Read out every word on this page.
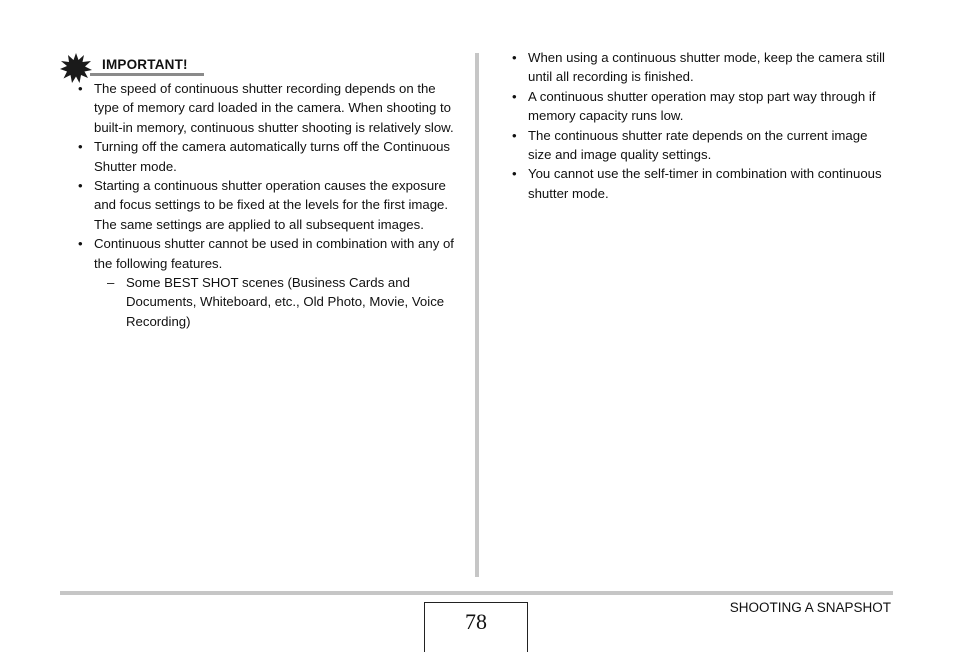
IMPORTANT!
• The speed of continuous shutter recording depends on the type of memory card loaded in the camera. When shooting to built-in memory, continuous shutter shooting is relatively slow.
• Turning off the camera automatically turns off the Continuous Shutter mode.
• Starting a continuous shutter operation causes the exposure and focus settings to be fixed at the levels for the first image. The same settings are applied to all subsequent images.
• Continuous shutter cannot be used in combination with any of the following features.
– Some BEST SHOT scenes (Business Cards and Documents, Whiteboard, etc., Old Photo, Movie, Voice Recording)
• When using a continuous shutter mode, keep the camera still until all recording is finished.
• A continuous shutter operation may stop part way through if memory capacity runs low.
• The continuous shutter rate depends on the current image size and image quality settings.
• You cannot use the self-timer in combination with continuous shutter mode.
78
SHOOTING A SNAPSHOT
